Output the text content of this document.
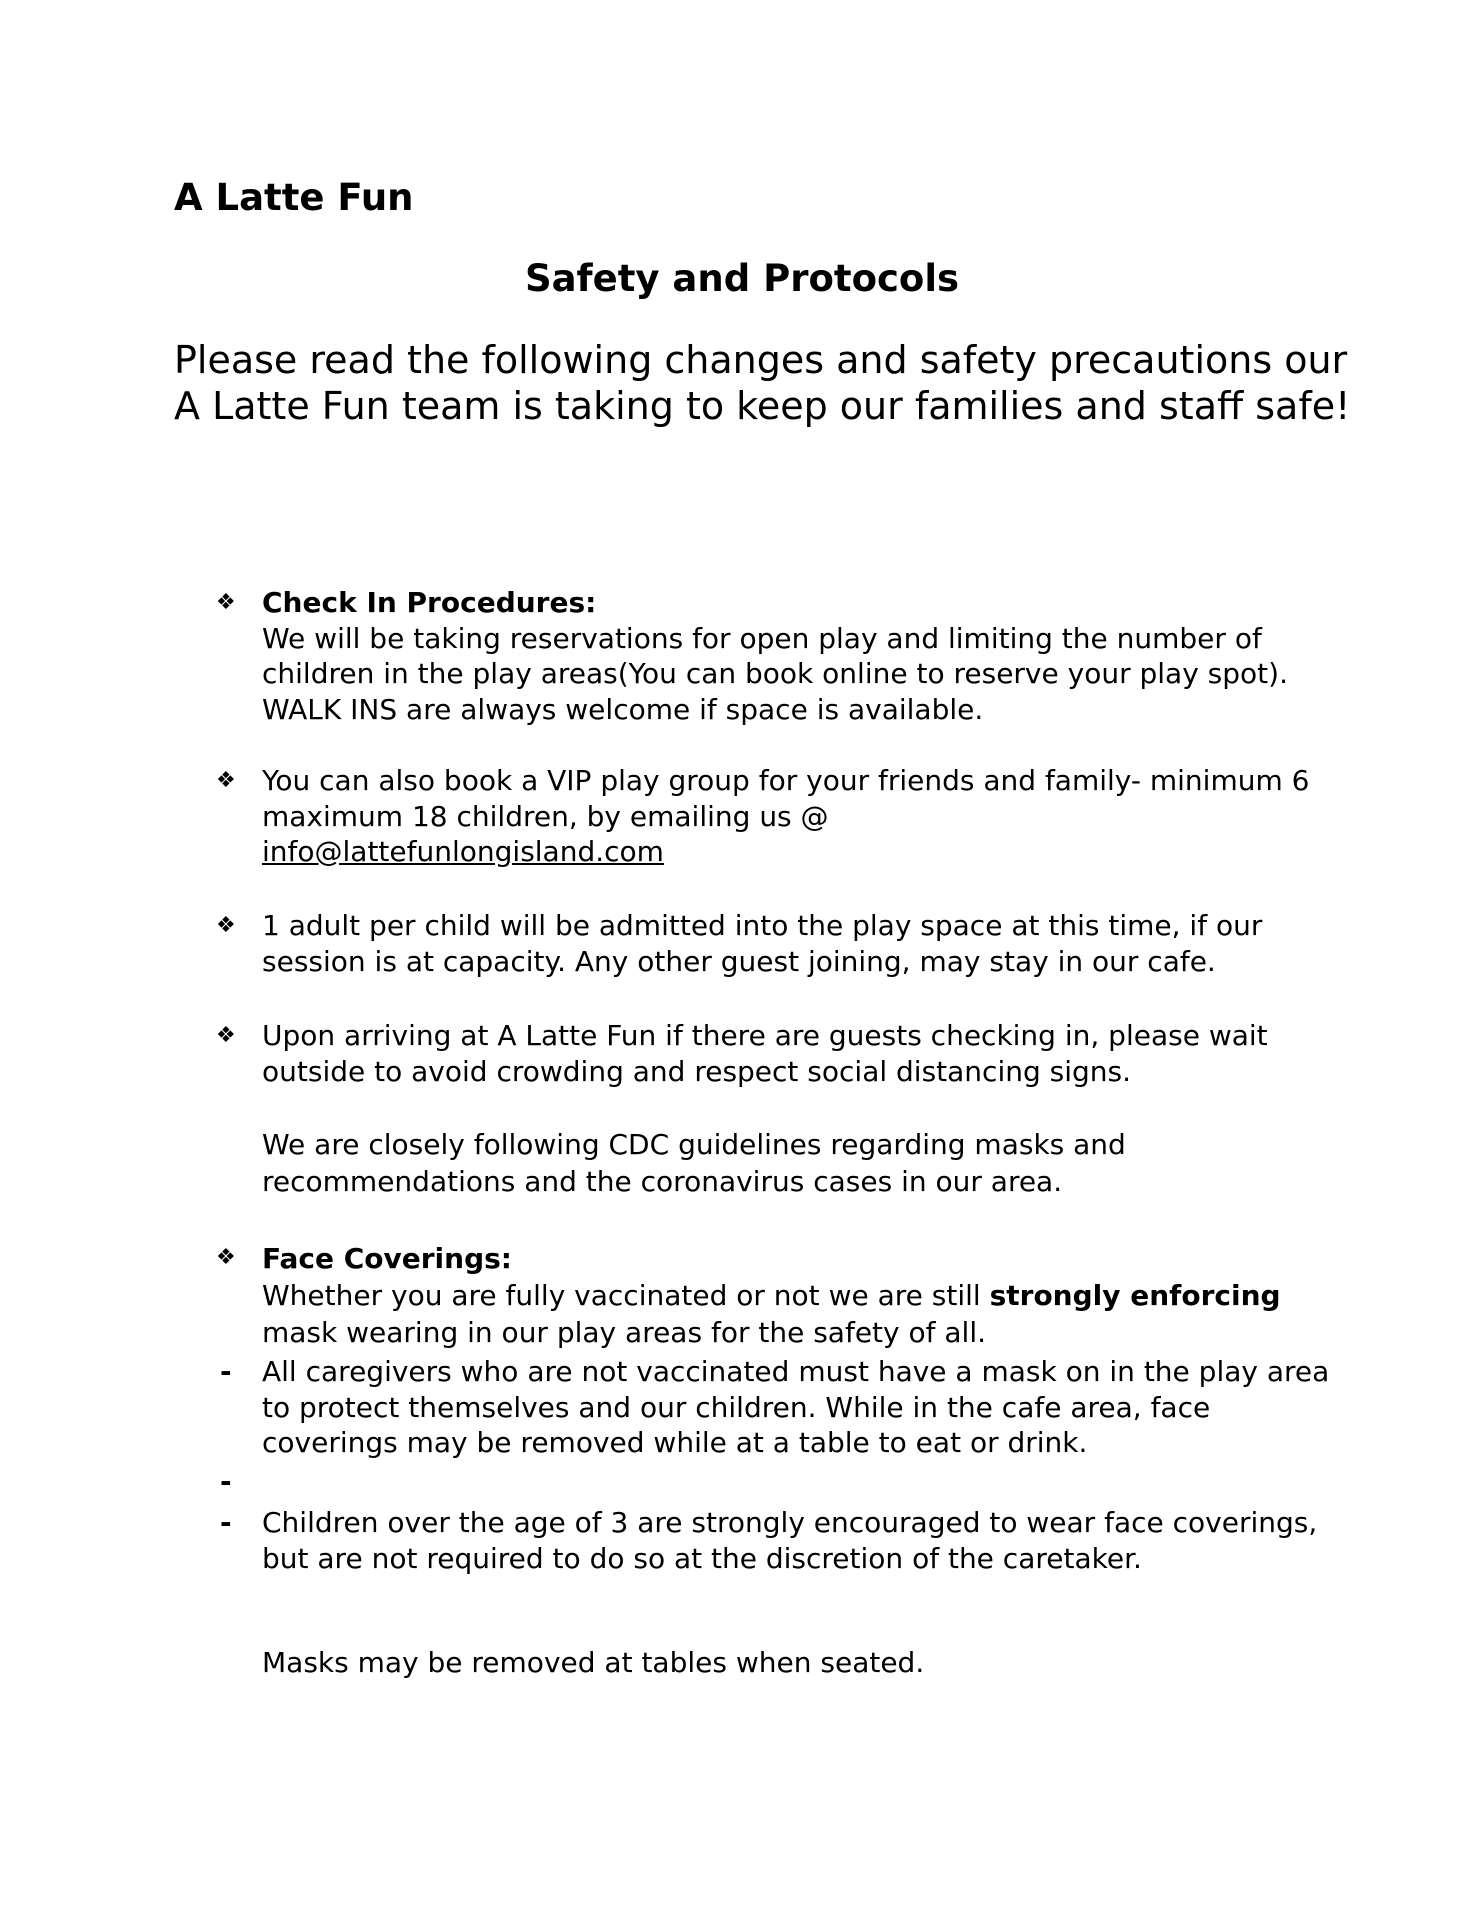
A Latte Fun
Safety and Protocols

Please read the following changes and safety precautions our A Latte Fun team is taking to keep our families and staff safe!

❖ Check In Procedures:
We will be taking reservations for open play and limiting the number of children in the play areas(You can book online to reserve your play spot). WALK INS are always welcome if space is available.
❖ You can also book a VIP play group for your friends and family- minimum 6 maximum 18 children, by emailing us @
info@lattefunlongisland.com
❖ 1 adult per child will be admitted into the play space at this time, if our session is at capacity. Any other guest joining, may stay in our cafe.
❖ Upon arriving at A Latte Fun if there are guests checking in, please wait outside to avoid crowding and respect social distancing signs.
We are closely following CDC guidelines regarding masks and recommendations and the coronavirus cases in our area.
❖ Face Coverings:
Whether you are fully vaccinated or not we are still strongly enforcing mask wearing in our play areas for the safety of all.
-	All caregivers who are not vaccinated must have a mask on in the play area to protect themselves and our children. While in the cafe area, face coverings may be removed while at a table to eat or drink.
-
-	Children over the age of 3 are strongly encouraged to wear face coverings, but are not required to do so at the discretion of the caretaker.
Masks may be removed at tables when seated.
